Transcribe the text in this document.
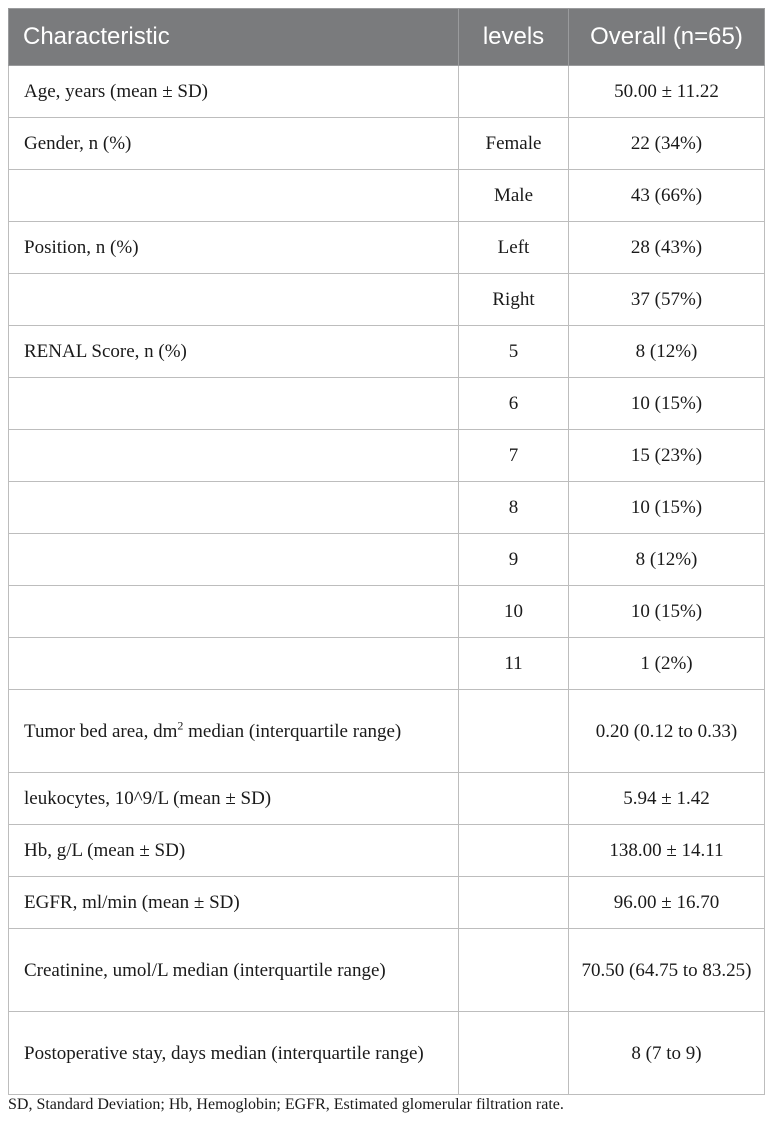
Characteristic	levels	Overall (n=65)
Age, years (mean ± SD)		50.00 ± 11.22
Gender, n (%)	Female	22 (34%)
	Male	43 (66%)
Position, n (%)	Left	28 (43%)
	Right	37 (57%)
RENAL Score, n (%)	5	8 (12%)
	6	10 (15%)
	7	15 (23%)
	8	10 (15%)
	9	8 (12%)
	10	10 (15%)
	11	1 (2%)
Tumor bed area, $dm^2$ median (interquartile range)		0.20 (0.12 to 0.33)
leukocytes, 10^9/L (mean ± SD)		5.94 ± 1.42
Hb, g/L (mean ± SD)		138.00 ± 14.11
EGFR, ml/min (mean ± SD)		96.00 ± 16.70
Creatinine, umol/L median (interquartile range)		70.50 (64.75 to 83.25)
Postoperative stay, days median (interquartile range)		8 (7 to 9)
SD, Standard Deviation; Hb, Hemoglobin; EGFR, Estimated glomerular filtration rate.
